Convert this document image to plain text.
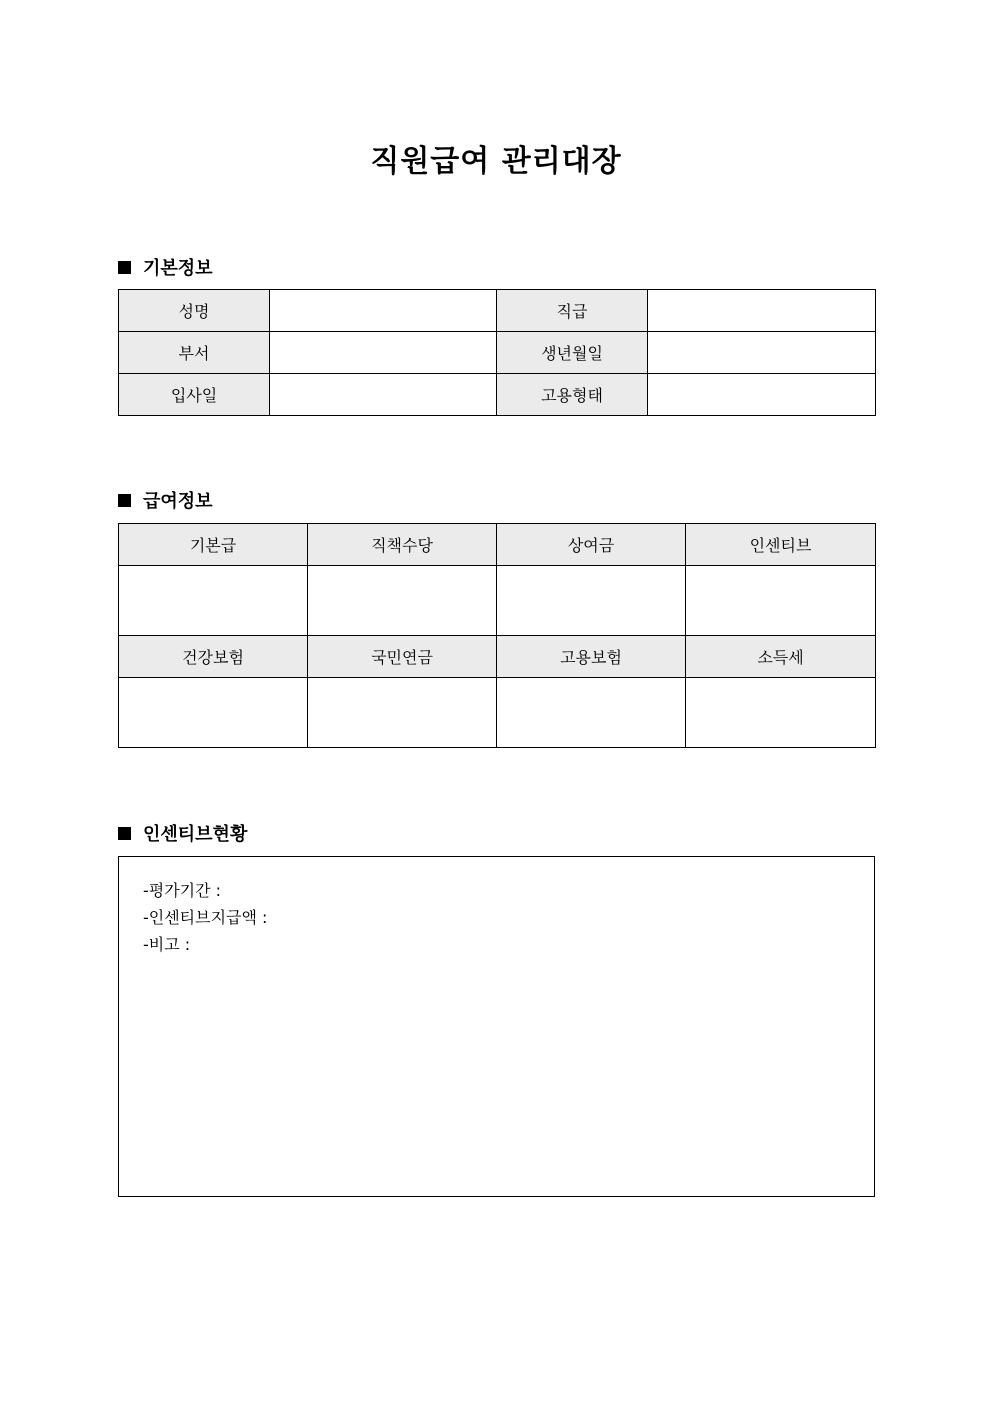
직원급여 관리대장
기본정보
성명		직급	
부서		생년월일	
입사일		고용형태	
급여정보
기본급	직책수당	상여금	인센티브

건강보험	국민연금	고용보험	소득세

인센티브현황
-평가기간 :
-인센티브지급액 :
-비고 :
